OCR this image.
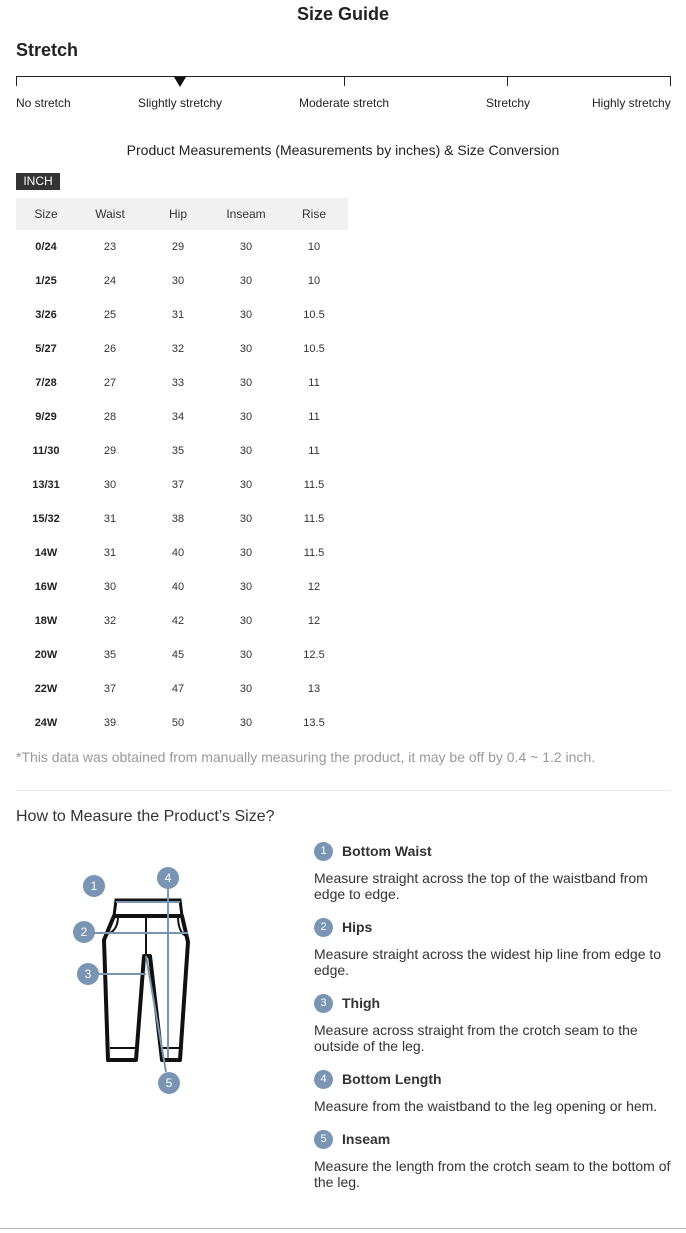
Size Guide
Stretch
No stretch	Slightly stretchy	Moderate stretch	Stretchy	Highly stretchy
Product Measurements (Measurements by inches) & Size Conversion
INCH
Size	Waist	Hip	Inseam	Rise
0/24	23	29	30	10
1/25	24	30	30	10
3/26	25	31	30	10.5
5/27	26	32	30	10.5
7/28	27	33	30	11
9/29	28	34	30	11
11/30	29	35	30	11
13/31	30	37	30	11.5
15/32	31	38	30	11.5
14W	31	40	30	11.5
16W	30	40	30	12
18W	32	42	30	12
20W	35	45	30	12.5
22W	37	47	30	13
24W	39	50	30	13.5
*This data was obtained from manually measuring the product, it may be off by 0.4 ~ 1.2 inch.
How to Measure the Product’s Size?
1
2
3
4
5
1	Bottom Waist
Measure straight across the top of the waistband from edge to edge.
2	Hips
Measure straight across the widest hip line from edge to edge.
3	Thigh
Measure across straight from the crotch seam to the outside of the leg.
4	Bottom Length
Measure from the waistband to the leg opening or hem.
5	Inseam
Measure the length from the crotch seam to the bottom of the leg.
